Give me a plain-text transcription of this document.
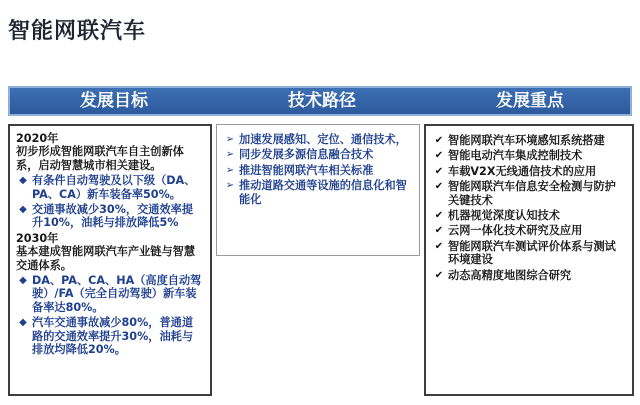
智能网联汽车
发展目标	技术路径	发展重点
2020年
初步形成智能网联汽车自主创新体系，启动智慧城市相关建设。
◆ 有条件自动驾驶及以下级（DA、PA、CA）新车装备率50%。
◆ 交通事故减少30%，交通效率提升10%，油耗与排放降低5%
2030年
基本建成智能网联汽车产业链与智慧交通体系。
◆ DA、PA、CA、HA（高度自动驾驶）/FA（完全自动驾驶）新车装备率达80%。
◆ 汽车交通事故减少80%，普通道路的交通效率提升30%，油耗与排放均降低20%。
➢ 加速发展感知、定位、通信技术，
➢ 同步发展多源信息融合技术
➢ 推进智能网联汽车相关标准
➢ 推动道路交通等设施的信息化和智能化
✔ 智能网联汽车环境感知系统搭建
✔ 智能电动汽车集成控制技术
✔ 车载V2X无线通信技术的应用
✔ 智能网联汽车信息安全检测与防护关键技术
✔ 机器视觉深度认知技术
✔ 云网一体化技术研究及应用
✔ 智能网联汽车测试评价体系与测试环境建设
✔ 动态高精度地图综合研究
